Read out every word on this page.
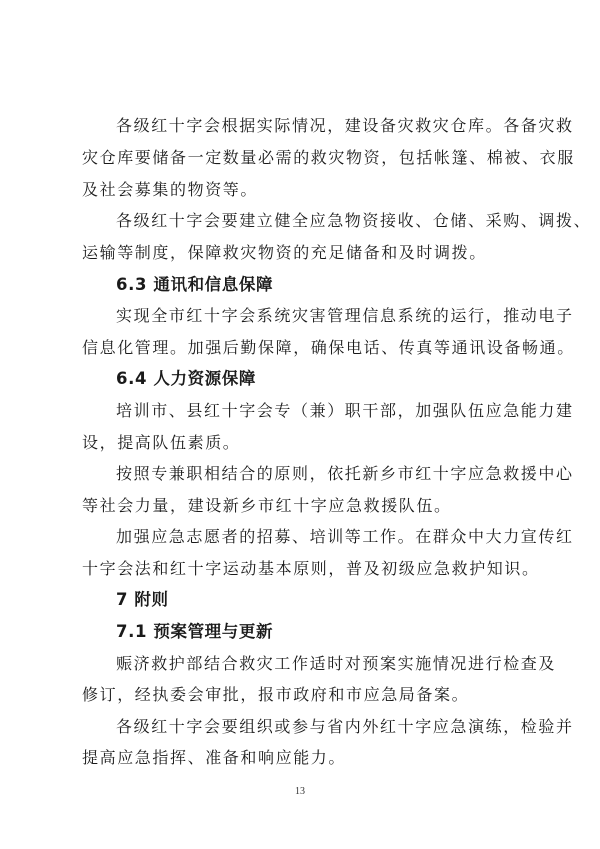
各级红十字会根据实际情况，建设备灾救灾仓库。各备灾救
灾仓库要储备一定数量必需的救灾物资，包括帐篷、棉被、衣服
及社会募集的物资等。
各级红十字会要建立健全应急物资接收、仓储、采购、调拨、
运输等制度，保障救灾物资的充足储备和及时调拨。
6.3 通讯和信息保障
实现全市红十字会系统灾害管理信息系统的运行，推动电子
信息化管理。加强后勤保障，确保电话、传真等通讯设备畅通。
6.4 人力资源保障
培训市、县红十字会专（兼）职干部，加强队伍应急能力建
设，提高队伍素质。
按照专兼职相结合的原则，依托新乡市红十字应急救援中心
等社会力量，建设新乡市红十字应急救援队伍。
加强应急志愿者的招募、培训等工作。在群众中大力宣传红
十字会法和红十字运动基本原则，普及初级应急救护知识。
7 附则
7.1 预案管理与更新
赈济救护部结合救灾工作适时对预案实施情况进行检查及
修订，经执委会审批，报市政府和市应急局备案。
各级红十字会要组织或参与省内外红十字应急演练，检验并
提高应急指挥、准备和响应能力。
13
